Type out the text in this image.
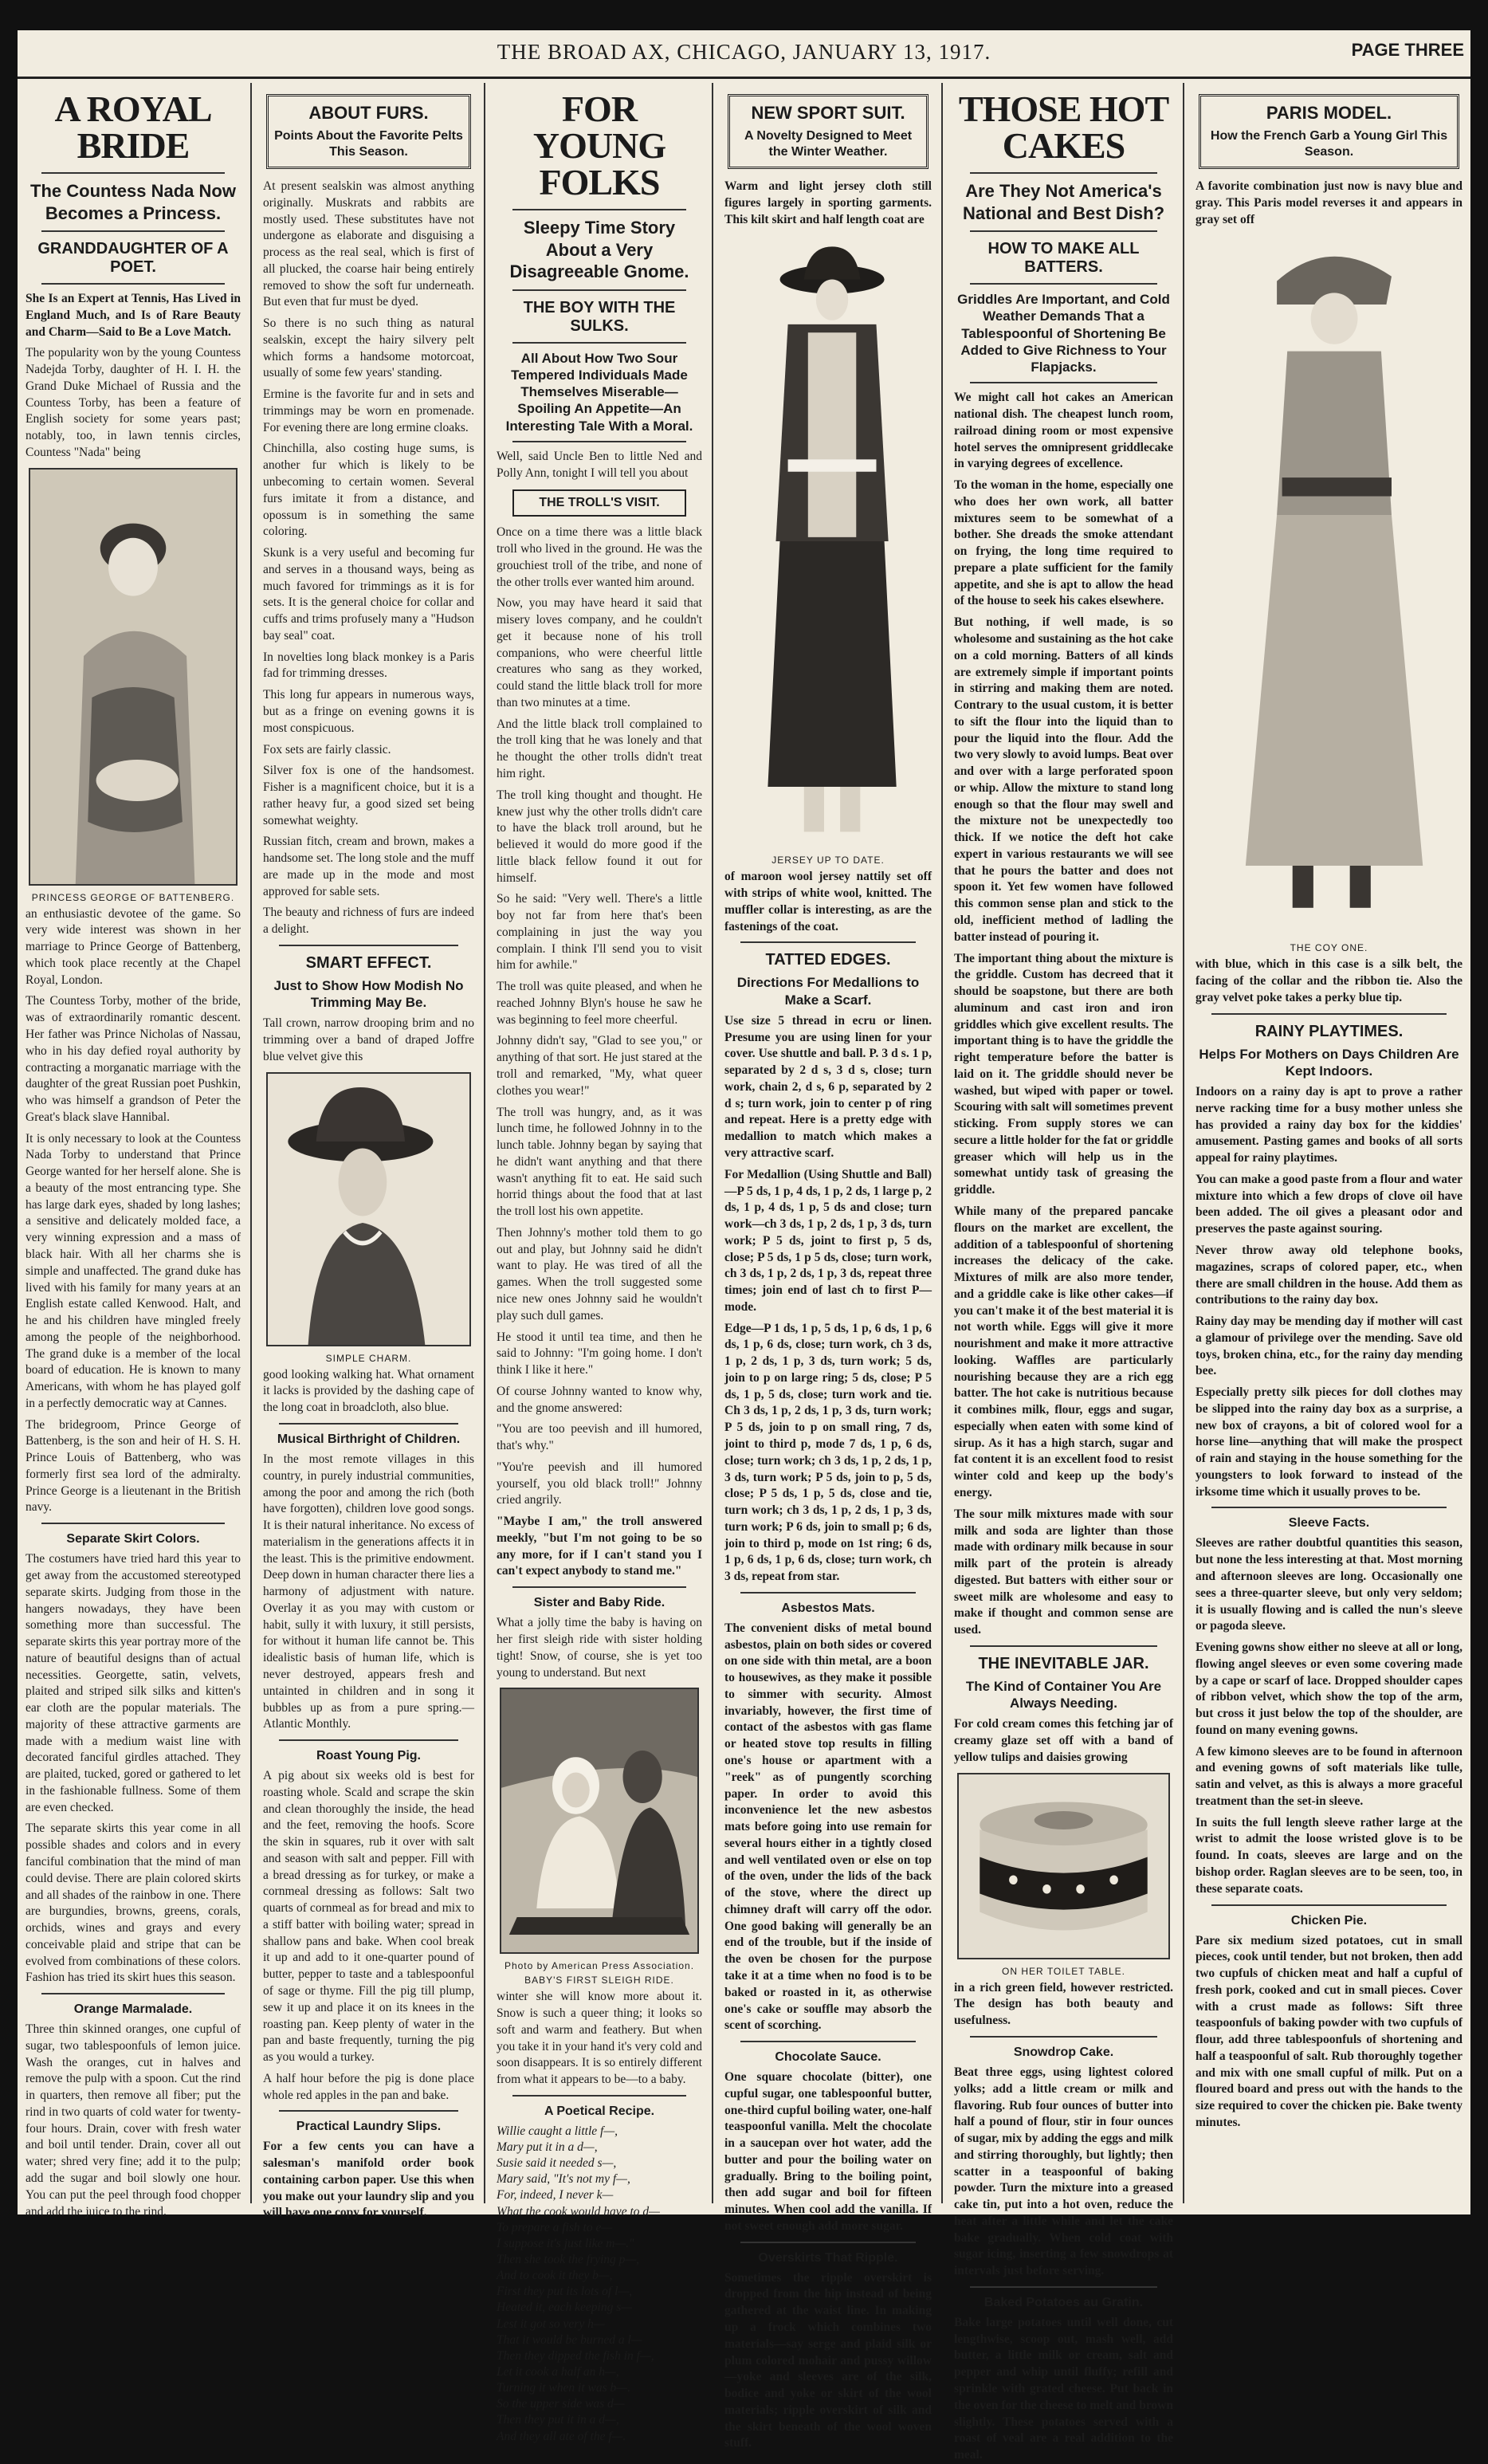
THE BROAD AX, CHICAGO, JANUARY 13, 1917.	PAGE THREE
A ROYAL BRIDE
The Countess Nada Now Becomes a Princess.
GRANDDAUGHTER OF A POET.

She Is an Expert at Tennis, Has Lived in England Much, and Is of Rare Beauty and Charm—Said to Be a Love Match.

The popularity won by the young Countess Nadejda Torby, daughter of H. I. H. the Grand Duke Michael of Russia and the Countess Torby, has been a feature of English society for some years past; notably, too, in lawn tennis circles, Countess "Nada" being

PRINCESS GEORGE OF BATTENBERG.

an enthusiastic devotee of the game. So very wide interest was shown in her marriage to Prince George of Battenberg, which took place recently at the Chapel Royal, London.

The Countess Torby, mother of the bride, was of extraordinarily romantic descent. Her father was Prince Nicholas of Nassau, who in his day defied royal authority by contracting a morganatic marriage with the daughter of the great Russian poet Pushkin, who was himself a grandson of Peter the Great's black slave Hannibal.

It is only necessary to look at the Countess Nada Torby to understand that Prince George wanted for her herself alone. She is a beauty of the most entrancing type. She has large dark eyes, shaded by long lashes; a sensitive and delicately molded face, a very winning expression and a mass of black hair. With all her charms she is simple and unaffected. The grand duke has lived with his family for many years at an English estate called Kenwood. Halt, and he and his children have mingled freely among the people of the neighborhood. The grand duke is a member of the local board of education. He is known to many Americans, with whom he has played golf in a perfectly democratic way at Cannes.

The bridegroom, Prince George of Battenberg, is the son and heir of H. S. H. Prince Louis of Battenberg, who was formerly first sea lord of the admiralty. Prince George is a lieutenant in the British navy.

Separate Skirt Colors.

The costumers have tried hard this year to get away from the accustomed stereotyped separate skirts. Judging from those in the hangers nowadays, they have been something more than successful. The separate skirts this year portray more of the nature of beautiful designs than of actual necessities. Georgette, satin, velvets, plaited and striped silk silks and kitten's ear cloth are the popular materials. The majority of these attractive garments are made with a medium waist line with decorated fanciful girdles attached. They are plaited, tucked, gored or gathered to let in the fashionable fullness. Some of them are even checked.

The separate skirts this year come in all possible shades and colors and in every fanciful combination that the mind of man could devise. There are plain colored skirts and all shades of the rainbow in one. There are burgundies, browns, greens, corals, orchids, wines and grays and every conceivable plaid and stripe that can be evolved from combinations of these colors. Fashion has tried its skirt hues this season.

Orange Marmalade.

Three thin skinned oranges, one cupful of sugar, two tablespoonfuls of lemon juice. Wash the oranges, cut in halves and remove the pulp with a spoon. Cut the rind in quarters, then remove all fiber; put the rind in two quarts of cold water for twenty-four hours. Drain, cover with fresh water and boil until tender. Drain, cover all out water; shred very fine; add it to the pulp; add the sugar and boil slowly one hour. You can put the peel through food chopper and add the juice to the rind.

ABOUT FURS.
Points About the Favorite Pelts This Season.

At present sealskin was almost anything originally. Muskrats and rabbits are mostly used. These substitutes have not undergone as elaborate and disguising a process as the real seal, which is first of all plucked, the coarse hair being entirely removed to show the soft fur underneath. But even that fur must be dyed.

So there is no such thing as natural sealskin, except the hairy silvery pelt which forms a handsome motorcoat, usually of some few years' standing.

Ermine is the favorite fur and in sets and trimmings may be worn en promenade. For evening there are long ermine cloaks.

Chinchilla, also costing huge sums, is another fur which is likely to be unbecoming to certain women. Several furs imitate it from a distance, and opossum is in something the same coloring.

Skunk is a very useful and becoming fur and serves in a thousand ways, being as much favored for trimmings as it is for sets. It is the general choice for collar and cuffs and trims profusely many a "Hudson bay seal" coat.

In novelties long black monkey is a Paris fad for trimming dresses.

This long fur appears in numerous ways, but as a fringe on evening gowns it is most conspicuous.

Fox sets are fairly classic.

Silver fox is one of the handsomest. Fisher is a magnificent choice, but it is a rather heavy fur, a good sized set being somewhat weighty.

Russian fitch, cream and brown, makes a handsome set. The long stole and the muff are made up in the mode and most approved for sable sets.

The beauty and richness of furs are indeed a delight.

SMART EFFECT.
Just to Show How Modish No Trimming May Be.

Tall crown, narrow drooping brim and no trimming over a band of draped Joffre blue velvet give this

SIMPLE CHARM.

good looking walking hat. What ornament it lacks is provided by the dashing cape of the long coat in broadcloth, also blue.

Musical Birthright of Children.

In the most remote villages in this country, in purely industrial communities, among the poor and among the rich (both have forgotten), children love good songs. It is their natural inheritance. No excess of materialism in the generations affects it in the least. This is the primitive endowment. Deep down in human character there lies a harmony of adjustment with nature. Overlay it as you may with custom or habit, sully it with luxury, it still persists, for without it human life cannot be. This idealistic basis of human life, which is never destroyed, appears fresh and untainted in children and in song it bubbles up as from a pure spring.—Atlantic Monthly.

Roast Young Pig.

A pig about six weeks old is best for roasting whole. Scald and scrape the skin and clean thoroughly the inside, the head and the feet, removing the hoofs. Score the skin in squares, rub it over with salt and season with salt and pepper. Fill with a bread dressing as for turkey, or make a cornmeal dressing as follows: Salt two quarts of cornmeal as for bread and mix to a stiff batter with boiling water; spread in shallow pans and bake. When cool break it up and add to it one-quarter pound of butter, pepper to taste and a tablespoonful of sage or thyme. Fill the pig till plump, sew it up and place it on its knees in the roasting pan. Keep plenty of water in the pan and baste frequently, turning the pig as you would a turkey.

A half hour before the pig is done place whole red apples in the pan and bake.

Practical Laundry Slips.

For a few cents you can have a salesman's manifold order book containing carbon paper. Use this when you make out your laundry slip and you will have one copy for yourself.

FOR YOUNG FOLKS
Sleepy Time Story About a Very Disagreeable Gnome.
THE BOY WITH THE SULKS.
All About How Two Sour Tempered Individuals Made Themselves Miserable—Spoiling An Appetite—An Interesting Tale With a Moral.

Well, said Uncle Ben to little Ned and Polly Ann, tonight I will tell you about

THE TROLL'S VISIT.

Once on a time there was a little black troll who lived in the ground. He was the grouchiest troll of the tribe, and none of the other trolls ever wanted him around.

Now, you may have heard it said that misery loves company, and he couldn't get it because none of his troll companions, who were cheerful little creatures who sang as they worked, could stand the little black troll for more than two minutes at a time.

And the little black troll complained to the troll king that he was lonely and that he thought the other trolls didn't treat him right.

The troll king thought and thought. He knew just why the other trolls didn't care to have the black troll around, but he believed it would do more good if the little black fellow found it out for himself.

So he said: "Very well. There's a little boy not far from here that's been complaining in just the way you complain. I think I'll send you to visit him for awhile."

The troll was quite pleased, and when he reached Johnny Blyn's house he saw he was beginning to feel more cheerful.

Johnny didn't say, "Glad to see you," or anything of that sort. He just stared at the troll and remarked, "My, what queer clothes you wear!"

The troll was hungry, and, as it was lunch time, he followed Johnny in to the lunch table. Johnny began by saying that he didn't want anything and that there wasn't anything fit to eat. He said such horrid things about the food that at last the troll lost his own appetite.

Then Johnny's mother told them to go out and play, but Johnny said he didn't want to play. He was tired of all the games. When the troll suggested some nice new ones Johnny said he wouldn't play such dull games.

He stood it until tea time, and then he said to Johnny: "I'm going home. I don't think I like it here."

Of course Johnny wanted to know why, and the gnome answered:

"You are too peevish and ill humored, that's why."

"You're peevish and ill humored yourself, you old black troll!" Johnny cried angrily.

"Maybe I am," the troll answered meekly, "but I'm not going to be so any more, for if I can't stand you I can't expect anybody to stand me."

Sister and Baby Ride.

What a jolly time the baby is having on her first sleigh ride with sister holding tight! Snow, of course, she is yet too young to understand. But next

Photo by American Press Association.
BABY'S FIRST SLEIGH RIDE.

winter she will know more about it. Snow is such a queer thing; it looks so soft and warm and feathery. But when you take it in your hand it's very cold and soon disappears. It is so entirely different from what it appears to be—to a baby.

A Poetical Recipe.
Willie caught a little f—,
Mary put it in a d—,
Susie said it needed s—,
Mary said, "It's not my f—,
For, indeed, I never k—
What the cook would have to d—
To prepare a fish to e—
I suppose it's just like m—."
Then she took the frying p—,
And to cook it they b—,
First they put its lots of l—,
Heated it, each keeping s—
Lest it got so very h—
That it would be burned a l—
Then they dipped the fish in f—,
Let it cook a half an h—,
Turning it when it was b—.
So the upper side was d—
Then they put it in a d—,
And they all ate of the f—.
NEW SPORT SUIT.
A Novelty Designed to Meet the Winter Weather.

Warm and light jersey cloth still figures largely in sporting garments. This kilt skirt and half length coat are

JERSEY UP TO DATE.

of maroon wool jersey nattily set off with strips of white wool, knitted. The muffler collar is interesting, as are the fastenings of the coat.

TATTED EDGES.
Directions For Medallions to Make a Scarf.

Use size 5 thread in ecru or linen. Presume you are using linen for your cover. Use shuttle and ball. P. 3 d s. 1 p, separated by 2 d s, 3 d s, close; turn work, chain 2, d s, 6 p, separated by 2 d s; turn work, join to center p of ring and repeat. Here is a pretty edge with medallion to match which makes a very attractive scarf.

For Medallion (Using Shuttle and Ball)—P 5 ds, 1 p, 4 ds, 1 p, 2 ds, 1 large p, 2 ds, 1 p, 4 ds, 1 p, 5 ds and close; turn work—ch 3 ds, 1 p, 2 ds, 1 p, 3 ds, turn work; P 5 ds, joint to first p, 5 ds, close; P 5 ds, 1 p 5 ds, close; turn work, ch 3 ds, 1 p, 2 ds, 1 p, 3 ds, repeat three times; join end of last ch to first P—mode.

Edge—P 1 ds, 1 p, 5 ds, 1 p, 6 ds, 1 p, 6 ds, 1 p, 6 ds, close; turn work, ch 3 ds, 1 p, 2 ds, 1 p, 3 ds, turn work; 5 ds, join to p on large ring; 5 ds, close; P 5 ds, 1 p, 5 ds, close; turn work and tie. Ch 3 ds, 1 p, 2 ds, 1 p, 3 ds, turn work; P 5 ds, join to p on small ring, 7 ds, joint to third p, mode 7 ds, 1 p, 6 ds, close; turn work; ch 3 ds, 1 p, 2 ds, 1 p, 3 ds, turn work; P 5 ds, join to p, 5 ds, close; P 5 ds, 1 p, 5 ds, close and tie, turn work; ch 3 ds, 1 p, 2 ds, 1 p, 3 ds, turn work; P 6 ds, join to small p; 6 ds, join to third p, mode on 1st ring; 6 ds, 1 p, 6 ds, 1 p, 6 ds, close; turn work, ch 3 ds, repeat from star.

Asbestos Mats.

The convenient disks of metal bound asbestos, plain on both sides or covered on one side with thin metal, are a boon to housewives, as they make it possible to simmer with security. Almost invariably, however, the first time of contact of the asbestos with gas flame or heated stove top results in filling one's house or apartment with a "reek" as of pungently scorching paper. In order to avoid this inconvenience let the new asbestos mats before going into use remain for several hours either in a tightly closed and well ventilated oven or else on top of the oven, under the lids of the back of the stove, where the direct up chimney draft will carry off the odor. One good baking will generally be an end of the trouble, but if the inside of the oven be chosen for the purpose take it at a time when no food is to be baked or roasted in it, as otherwise one's cake or souffle may absorb the scent of scorching.

Chocolate Sauce.

One square chocolate (bitter), one cupful sugar, one tablespoonful butter, one-third cupful boiling water, one-half teaspoonful vanilla. Melt the chocolate in a saucepan over hot water, add the butter and pour the boiling water on gradually. Bring to the boiling point, then add sugar and boil for fifteen minutes. When cool add the vanilla. If not sweet enough add more sugar.

Overskirts That Ripple.

Sometimes the ripple overskirt is dropped from the hip instead of being gathered at the waist line. In making up a frock which combines two materials—say serge and plaid silk or plum colored mohair and pussy willow—yoke and sleeves are of the silk, bodice and yoke or skirt of the wool materials; ripple overskirt of silk and the skirt beneath of the wool woven stuff.

THOSE HOT CAKES
Are They Not America's National and Best Dish?
HOW TO MAKE ALL BATTERS.
Griddles Are Important, and Cold Weather Demands That a Tablespoonful of Shortening Be Added to Give Richness to Your Flapjacks.

We might call hot cakes an American national dish. The cheapest lunch room, railroad dining room or most expensive hotel serves the omnipresent griddlecake in varying degrees of excellence.

To the woman in the home, especially one who does her own work, all batter mixtures seem to be somewhat of a bother. She dreads the smoke attendant on frying, the long time required to prepare a plate sufficient for the family appetite, and she is apt to allow the head of the house to seek his cakes elsewhere.

But nothing, if well made, is so wholesome and sustaining as the hot cake on a cold morning. Batters of all kinds are extremely simple if important points in stirring and making them are noted. Contrary to the usual custom, it is better to sift the flour into the liquid than to pour the liquid into the flour. Add the two very slowly to avoid lumps. Beat over and over with a large perforated spoon or whip. Allow the mixture to stand long enough so that the flour may swell and the mixture not be unexpectedly too thick. If we notice the deft hot cake expert in various restaurants we will see that he pours the batter and does not spoon it. Yet few women have followed this common sense plan and stick to the old, inefficient method of ladling the batter instead of pouring it.

The important thing about the mixture is the griddle. Custom has decreed that it should be soapstone, but there are both aluminum and cast iron and iron griddles which give excellent results. The important thing is to have the griddle the right temperature before the batter is laid on it. The griddle should never be washed, but wiped with paper or towel. Scouring with salt will sometimes prevent sticking. From supply stores we can secure a little holder for the fat or griddle greaser which will help us in the somewhat untidy task of greasing the griddle.

While many of the prepared pancake flours on the market are excellent, the addition of a tablespoonful of shortening increases the delicacy of the cake. Mixtures of milk are also more tender, and a griddle cake is like other cakes—if you can't make it of the best material it is not worth while. Eggs will give it more nourishment and make it more attractive looking. Waffles are particularly nourishing because they are a rich egg batter. The hot cake is nutritious because it combines milk, flour, eggs and sugar, especially when eaten with some kind of sirup. As it has a high starch, sugar and fat content it is an excellent food to resist winter cold and keep up the body's energy.

The sour milk mixtures made with sour milk and soda are lighter than those made with ordinary milk because in sour milk part of the protein is already digested. But batters with either sour or sweet milk are wholesome and easy to make if thought and common sense are used.

THE INEVITABLE JAR.
The Kind of Container You Are Always Needing.

For cold cream comes this fetching jar of creamy glaze set off with a band of yellow tulips and daisies growing

ON HER TOILET TABLE.

in a rich green field, however restricted. The design has both beauty and usefulness.

Snowdrop Cake.

Beat three eggs, using lightest colored yolks; add a little cream or milk and flavoring. Rub four ounces of butter into half a pound of flour, stir in four ounces of sugar, mix by adding the eggs and milk and stirring thoroughly, but lightly; then scatter in a teaspoonful of baking powder. Turn the mixture into a greased cake tin, put into a hot oven, reduce the heat after a little while and let the cake bake gradually. When cold coat with sugar icing, inserting a few snowdrops at intervals just before serving.

Baked Potatoes au Gratin.

Bake large potatoes until well done, cut lengthwise, scoop out, mash well, add butter, a little milk or cream, salt and pepper and whip until fluffy; refill and sprinkle with grated cheese. Put back in the oven for the cheese to melt and brown slightly. These potatoes served with a roast of veal are a real addition to the meal.

PARIS MODEL.
How the French Garb a Young Girl This Season.

A favorite combination just now is navy blue and gray. This Paris model reverses it and appears in gray set off

THE COY ONE.

with blue, which in this case is a silk belt, the facing of the collar and the ribbon tie. Also the gray velvet poke takes a perky blue tip.

RAINY PLAYTIMES.
Helps For Mothers on Days Children Are Kept Indoors.

Indoors on a rainy day is apt to prove a rather nerve racking time for a busy mother unless she has provided a rainy day box for the kiddies' amusement. Pasting games and books of all sorts appeal for rainy playtimes.

You can make a good paste from a flour and water mixture into which a few drops of clove oil have been added. The oil gives a pleasant odor and preserves the paste against souring.

Never throw away old telephone books, magazines, scraps of colored paper, etc., when there are small children in the house. Add them as contributions to the rainy day box.

Rainy day may be mending day if mother will cast a glamour of privilege over the mending. Save old toys, broken china, etc., for the rainy day mending bee.

Especially pretty silk pieces for doll clothes may be slipped into the rainy day box as a surprise, a new box of crayons, a bit of colored wool for a horse line—anything that will make the prospect of rain and staying in the house something for the youngsters to look forward to instead of the irksome time which it usually proves to be.

Sleeve Facts.

Sleeves are rather doubtful quantities this season, but none the less interesting at that. Most morning and afternoon sleeves are long. Occasionally one sees a three-quarter sleeve, but only very seldom; it is usually flowing and is called the nun's sleeve or pagoda sleeve.

Evening gowns show either no sleeve at all or long, flowing angel sleeves or even some covering made by a cape or scarf of lace. Dropped shoulder capes of ribbon velvet, which show the top of the arm, but cross it just below the top of the shoulder, are found on many evening gowns.

A few kimono sleeves are to be found in afternoon and evening gowns of soft materials like tulle, satin and velvet, as this is always a more graceful treatment than the set-in sleeve.

In suits the full length sleeve rather large at the wrist to admit the loose wristed glove is to be found. In coats, sleeves are large and on the bishop order. Raglan sleeves are to be seen, too, in these separate coats.

Chicken Pie.

Pare six medium sized potatoes, cut in small pieces, cook until tender, but not broken, then add two cupfuls of chicken meat and half a cupful of fresh pork, cooked and cut in small pieces. Cover with a crust made as follows: Sift three teaspoonfuls of baking powder with two cupfuls of flour, add three tablespoonfuls of shortening and half a teaspoonful of salt. Rub thoroughly together and mix with one small cupful of milk. Put on a floured board and press out with the hands to the size required to cover the chicken pie. Bake twenty minutes.
